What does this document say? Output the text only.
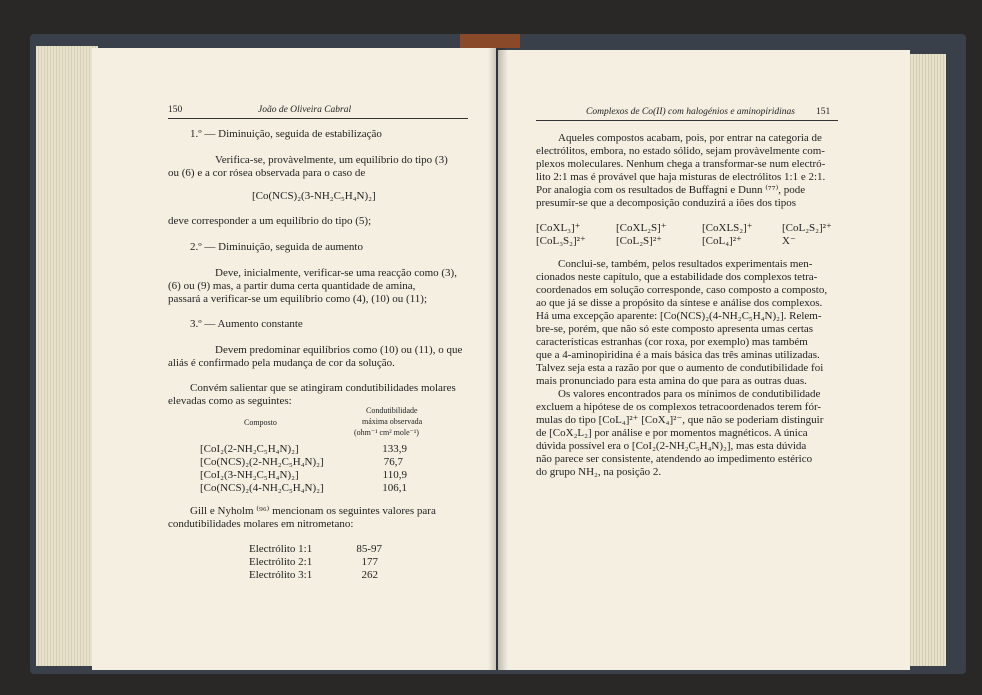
150	João de Oliveira Cabral
1.º — Diminuição, seguida de estabilização
Verifica-se, provàvelmente, um equilíbrio do tipo (3)
ou (6) e a cor rósea observada para o caso de
[Co(NCS)₂(3-NH₂C₅H₄N)₂]
deve corresponder a um equilíbrio do tipo (5);
2.º — Diminuição, seguida de aumento
Deve, inicialmente, verificar-se uma reacção como (3),
(6) ou (9) mas, a partir duma certa quantidade de amina,
passará a verificar-se um equilíbrio como (4), (10) ou (11);
3.º — Aumento constante
Devem predominar equilíbrios como (10) ou (11), o que
aliás é confirmado pela mudança de cor da solução.
Convém salientar que se atingiram condutibilidades molares
elevadas como as seguintes:
Composto
Condutibilidade
máxima observada
(ohm⁻¹ cm² mole⁻¹)
[CoI₂(2-NH₂C₅H₄N)₂]	133,9
[Co(NCS)₂(2-NH₂C₅H₄N)₂]	76,7
[CoI₂(3-NH₂C₅H₄N)₂]	110,9
[Co(NCS)₂(4-NH₂C₅H₄N)₂]	106,1
Gill e Nyholm ⁽⁹⁶⁾ mencionam os seguintes valores para
condutibilidades molares em nitrometano:
Electrólito 1:1	85-97
Electrólito 2:1	177
Electrólito 3:1	262
Complexos de Co(II) com halogénios e aminopiridinas 151
Aqueles compostos acabam, pois, por entrar na categoria de
electrólitos, embora, no estado sólido, sejam provàvelmente com-
plexos moleculares. Nenhum chega a transformar-se num electró-
lito 2:1 mas é provável que haja misturas de electrólitos 1:1 e 2:1.
Por analogia com os resultados de Buffagni e Dunn ⁽⁷⁷⁾, pode
presumir-se que a decomposição conduzirá a iões dos tipos
[CoXL₃]⁺	[CoXL₂S]⁺	[CoXLS₂]⁺	[CoL₂S₂]²⁺
[CoL₃S₂]²⁺	[CoL₂S]²⁺	[CoL₄]²⁺	X⁻
Conclui-se, também, pelos resultados experimentais men-
cionados neste capítulo, que a estabilidade dos complexos tetra-
coordenados em solução corresponde, caso composto a composto,
ao que já se disse a propósito da síntese e análise dos complexos.
Há uma excepção aparente: [Co(NCS)₂(4-NH₂C₅H₄N)₂]. Relem-
bre-se, porém, que não só este composto apresenta umas certas
características estranhas (cor roxa, por exemplo) mas também
que a 4-aminopiridina é a mais básica das três aminas utilizadas.
Talvez seja esta a razão por que o aumento de condutibilidade foi
mais pronunciado para esta amina do que para as outras duas.
Os valores encontrados para os mínimos de condutibilidade
excluem a hipótese de os complexos tetracoordenados terem fór-
mulas do tipo [CoL₄]²⁺ [CoX₄]²⁻, que não se poderiam distinguir
de [CoX₂L₂] por análise e por momentos magnéticos. A única
dúvida possível era o [CoI₂(2-NH₂C₅H₄N)₂], mas esta dúvida
não parece ser consistente, atendendo ao impedimento estérico
do grupo NH₂, na posição 2.
